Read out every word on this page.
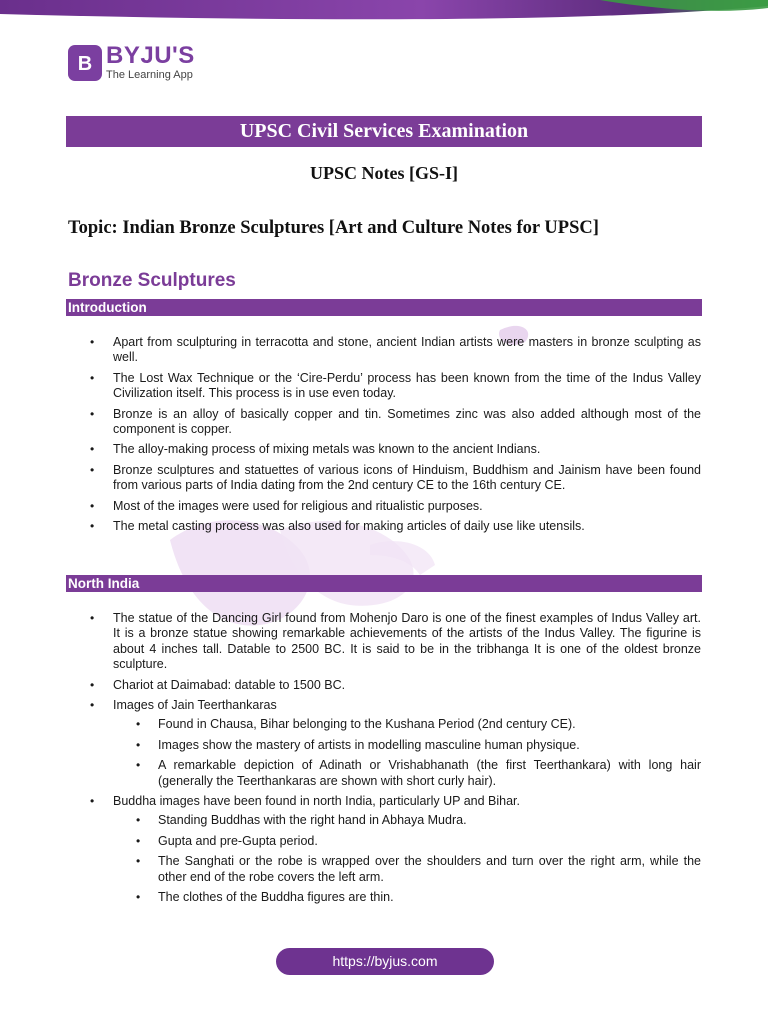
B BYJU'S
The Learning App
UPSC Civil Services Examination
UPSC Notes [GS-I]
Topic: Indian Bronze Sculptures [Art and Culture Notes for UPSC]
Bronze Sculptures
Introduction
• Apart from sculpturing in terracotta and stone, ancient Indian artists were masters in bronze sculpting as well.
• The Lost Wax Technique or the ‘Cire-Perdu’ process has been known from the time of the Indus Valley Civilization itself. This process is in use even today.
• Bronze is an alloy of basically copper and tin. Sometimes zinc was also added although most of the component is copper.
• The alloy-making process of mixing metals was known to the ancient Indians.
• Bronze sculptures and statuettes of various icons of Hinduism, Buddhism and Jainism have been found from various parts of India dating from the 2nd century CE to the 16th century CE.
• Most of the images were used for religious and ritualistic purposes.
• The metal casting process was also used for making articles of daily use like utensils.
North India
• The statue of the Dancing Girl found from Mohenjo Daro is one of the finest examples of Indus Valley art. It is a bronze statue showing remarkable achievements of the artists of the Indus Valley. The figurine is about 4 inches tall. Datable to 2500 BC. It is said to be in the tribhanga It is one of the oldest bronze sculpture.
• Chariot at Daimabad: datable to 1500 BC.
• Images of Jain Teerthankaras
• Found in Chausa, Bihar belonging to the Kushana Period (2nd century CE).
• Images show the mastery of artists in modelling masculine human physique.
• A remarkable depiction of Adinath or Vrishabhanath (the first Teerthankara) with long hair (generally the Teerthankaras are shown with short curly hair).
• Buddha images have been found in north India, particularly UP and Bihar.
• Standing Buddhas with the right hand in Abhaya Mudra.
• Gupta and pre-Gupta period.
• The Sanghati or the robe is wrapped over the shoulders and turn over the right arm, while the other end of the robe covers the left arm.
• The clothes of the Buddha figures are thin.
https://byjus.com
